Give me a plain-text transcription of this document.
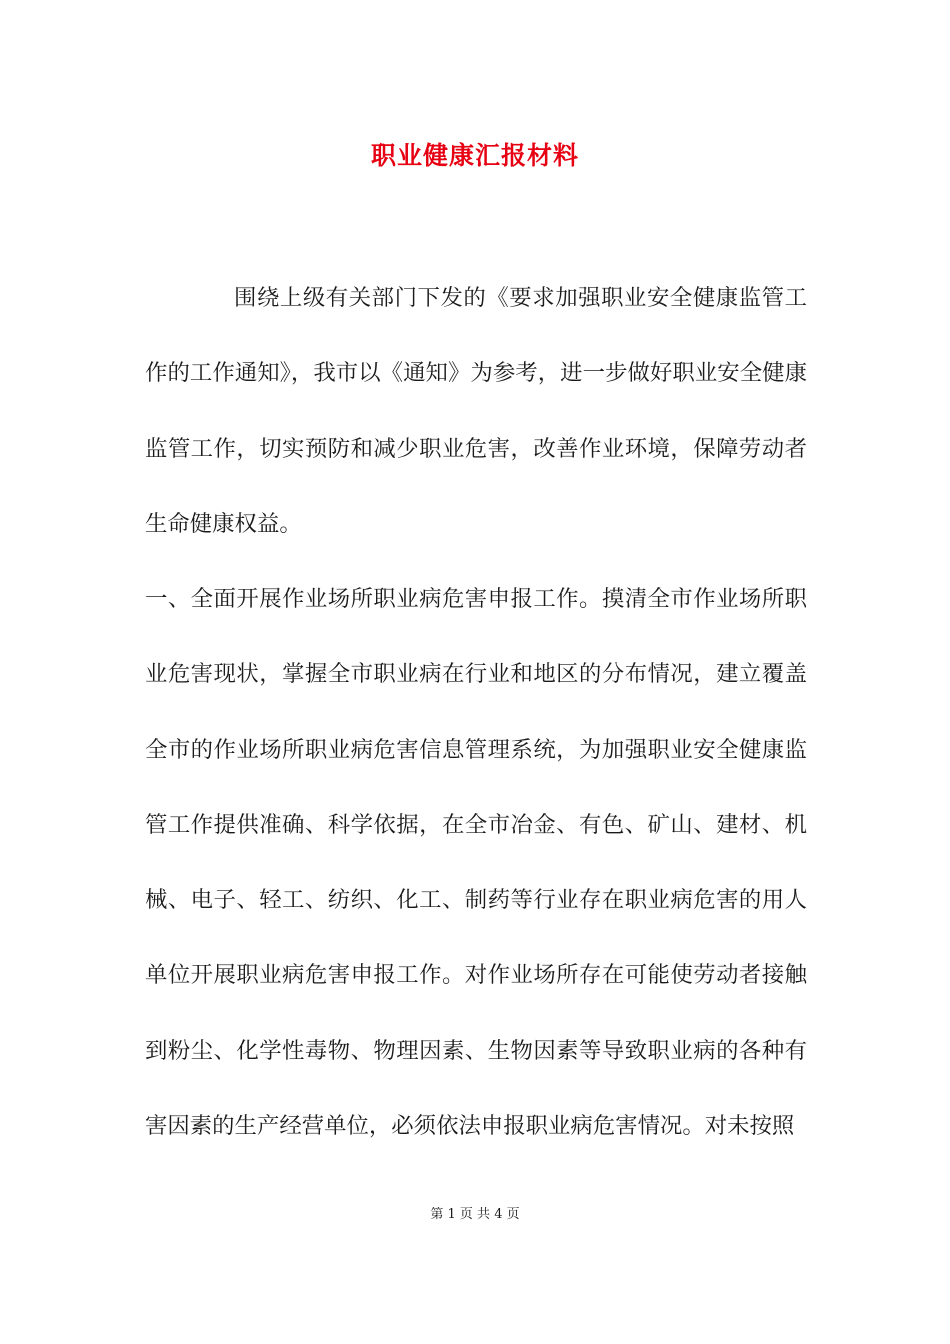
职业健康汇报材料

围绕上级有关部门下发的《要求加强职业安全健康监管工作的工作通知》，我市以《通知》为参考，进一步做好职业安全健康监管工作，切实预防和减少职业危害，改善作业环境，保障劳动者生命健康权益。

一、全面开展作业场所职业病危害申报工作。摸清全市作业场所职业危害现状，掌握全市职业病在行业和地区的分布情况，建立覆盖全市的作业场所职业病危害信息管理系统，为加强职业安全健康监管工作提供准确、科学依据，在全市冶金、有色、矿山、建材、机械、电子、轻工、纺织、化工、制药等行业存在职业病危害的用人单位开展职业病危害申报工作。对作业场所存在可能使劳动者接触到粉尘、化学性毒物、物理因素、生物因素等导致职业病的各种有害因素的生产经营单位，必须依法申报职业病危害情况。对未按照

第 1 页 共 4 页
